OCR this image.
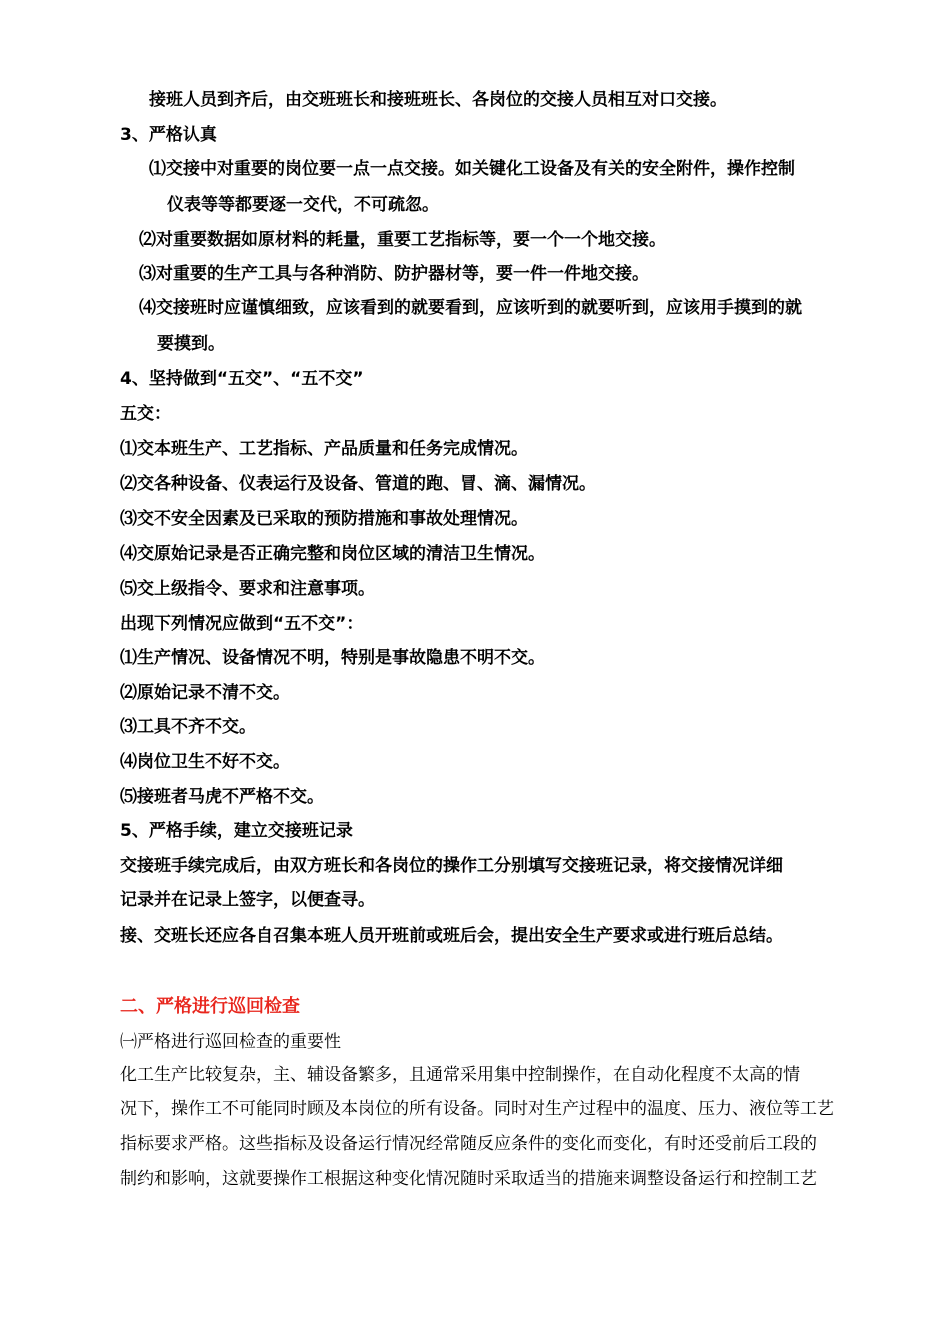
接班人员到齐后，由交班班长和接班班长、各岗位的交接人员相互对口交接。
3、严格认真
⑴交接中对重要的岗位要一点一点交接。如关键化工设备及有关的安全附件，操作控制
仪表等等都要逐一交代，不可疏忽。
⑵对重要数据如原材料的耗量，重要工艺指标等，要一个一个地交接。
⑶对重要的生产工具与各种消防、防护器材等，要一件一件地交接。
⑷交接班时应谨慎细致，应该看到的就要看到，应该听到的就要听到，应该用手摸到的就
要摸到。
4、坚持做到“五交”、“五不交”
五交：
⑴交本班生产、工艺指标、产品质量和任务完成情况。
⑵交各种设备、仪表运行及设备、管道的跑、冒、滴、漏情况。
⑶交不安全因素及已采取的预防措施和事故处理情况。
⑷交原始记录是否正确完整和岗位区域的清洁卫生情况。
⑸交上级指令、要求和注意事项。
出现下列情况应做到“五不交”：
⑴生产情况、设备情况不明，特别是事故隐患不明不交。
⑵原始记录不清不交。
⑶工具不齐不交。
⑷岗位卫生不好不交。
⑸接班者马虎不严格不交。
5、严格手续，建立交接班记录
交接班手续完成后，由双方班长和各岗位的操作工分别填写交接班记录，将交接情况详细
记录并在记录上签字，以便查寻。
接、交班长还应各自召集本班人员开班前或班后会，提出安全生产要求或进行班后总结。
二、严格进行巡回检查
㈠严格进行巡回检查的重要性
化工生产比较复杂，主、辅设备繁多，且通常采用集中控制操作，在自动化程度不太高的情
况下，操作工不可能同时顾及本岗位的所有设备。同时对生产过程中的温度、压力、液位等工艺
指标要求严格。这些指标及设备运行情况经常随反应条件的变化而变化，有时还受前后工段的
制约和影响，这就要操作工根据这种变化情况随时采取适当的措施来调整设备运行和控制工艺
